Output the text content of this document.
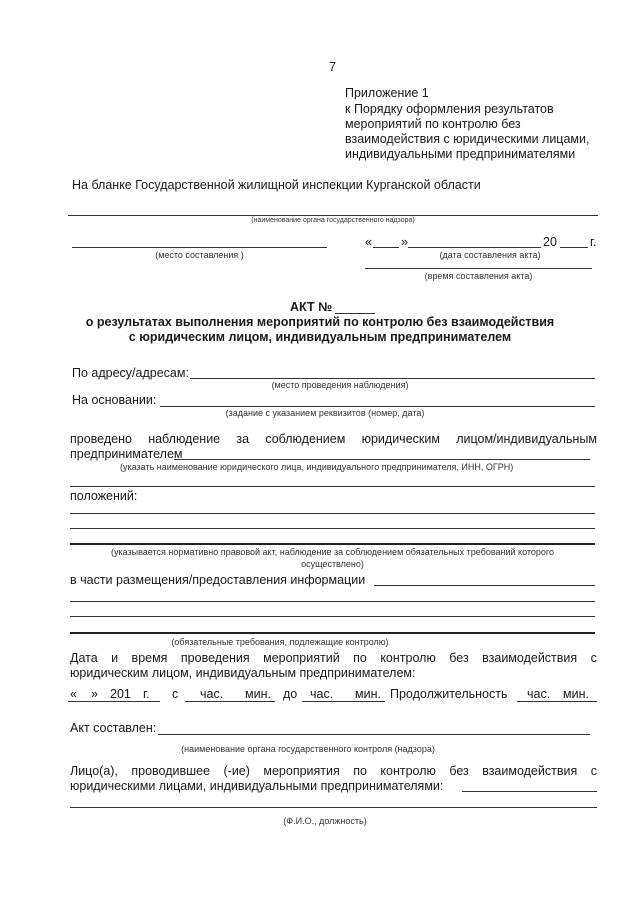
7
Приложение 1
к Порядку оформления результатов
мероприятий по контролю без
взаимодействия с юридическими лицами,
индивидуальными предпринимателями
На бланке Государственной жилищной инспекции Курганской области
(наименование органа государственного надзора)
(место составления )
« »	20	г.
(дата составления акта)
(время составления акта)
АКТ №
о результатах выполнения мероприятий по контролю без взаимодействия
с юридическим лицом, индивидуальным предпринимателем
По адресу/адресам:
(место проведения наблюдения)
На основании:
(задание с указанием реквизитов (номер, дата)
проведено наблюдение за соблюдением юридическим лицом/индивидуальным
предпринимателем
(указать наименование юридического лица, индивидуального предпринимателя, ИНН, ОГРН)
положений:
(указывается нормативно правовой акт, наблюдение за соблюдением обязательных требований которого
осуществлено)
в части размещения/предоставления информации
(обязательные требования, подлежащие контролю)
Дата и время проведения мероприятий по контролю без взаимодействия с
юридическим лицом, индивидуальным предпринимателем:
« » 201 г. с час. мин. до час. мин. Продолжительность час. мин.
Акт составлен:
(наименование органа государственного контроля (надзора)
Лицо(а), проводившее (-ие) мероприятия по контролю без взаимодействия с
юридическими лицами, индивидуальными предпринимателями:
(Ф.И.О., должность)
